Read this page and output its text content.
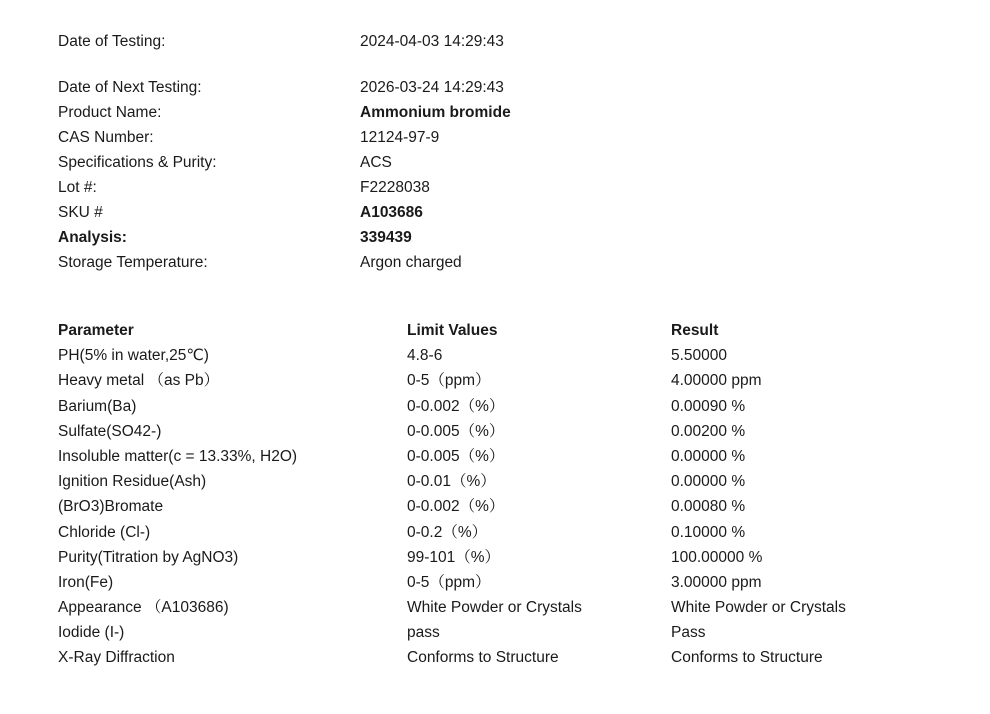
Date of Testing:	2024-04-03 14:29:43
Date of Next Testing:	2026-03-24 14:29:43
Product Name:	Ammonium bromide
CAS Number:	12124-97-9
Specifications & Purity:	ACS
Lot #:	F2228038
SKU #	A103686
Analysis:	339439
Storage Temperature:	Argon charged
Parameter	Limit Values	Result
PH(5% in water,25℃)	4.8-6	5.50000
Heavy metal （as Pb）	0-5（ppm）	4.00000 ppm
Barium(Ba)	0-0.002（%）	0.00090 %
Sulfate(SO42-)	0-0.005（%）	0.00200 %
Insoluble matter(c = 13.33%, H2O)	0-0.005（%）	0.00000 %
Ignition Residue(Ash)	0-0.01（%）	0.00000 %
(BrO3)Bromate	0-0.002（%）	0.00080 %
Chloride (Cl-)	0-0.2（%）	0.10000 %
Purity(Titration by AgNO3)	99-101（%）	100.00000 %
Iron(Fe)	0-5（ppm）	3.00000 ppm
Appearance （A103686)	White Powder or Crystals	White Powder or Crystals
Iodide (I-)	pass	Pass
X-Ray Diffraction	Conforms to Structure	Conforms to Structure
